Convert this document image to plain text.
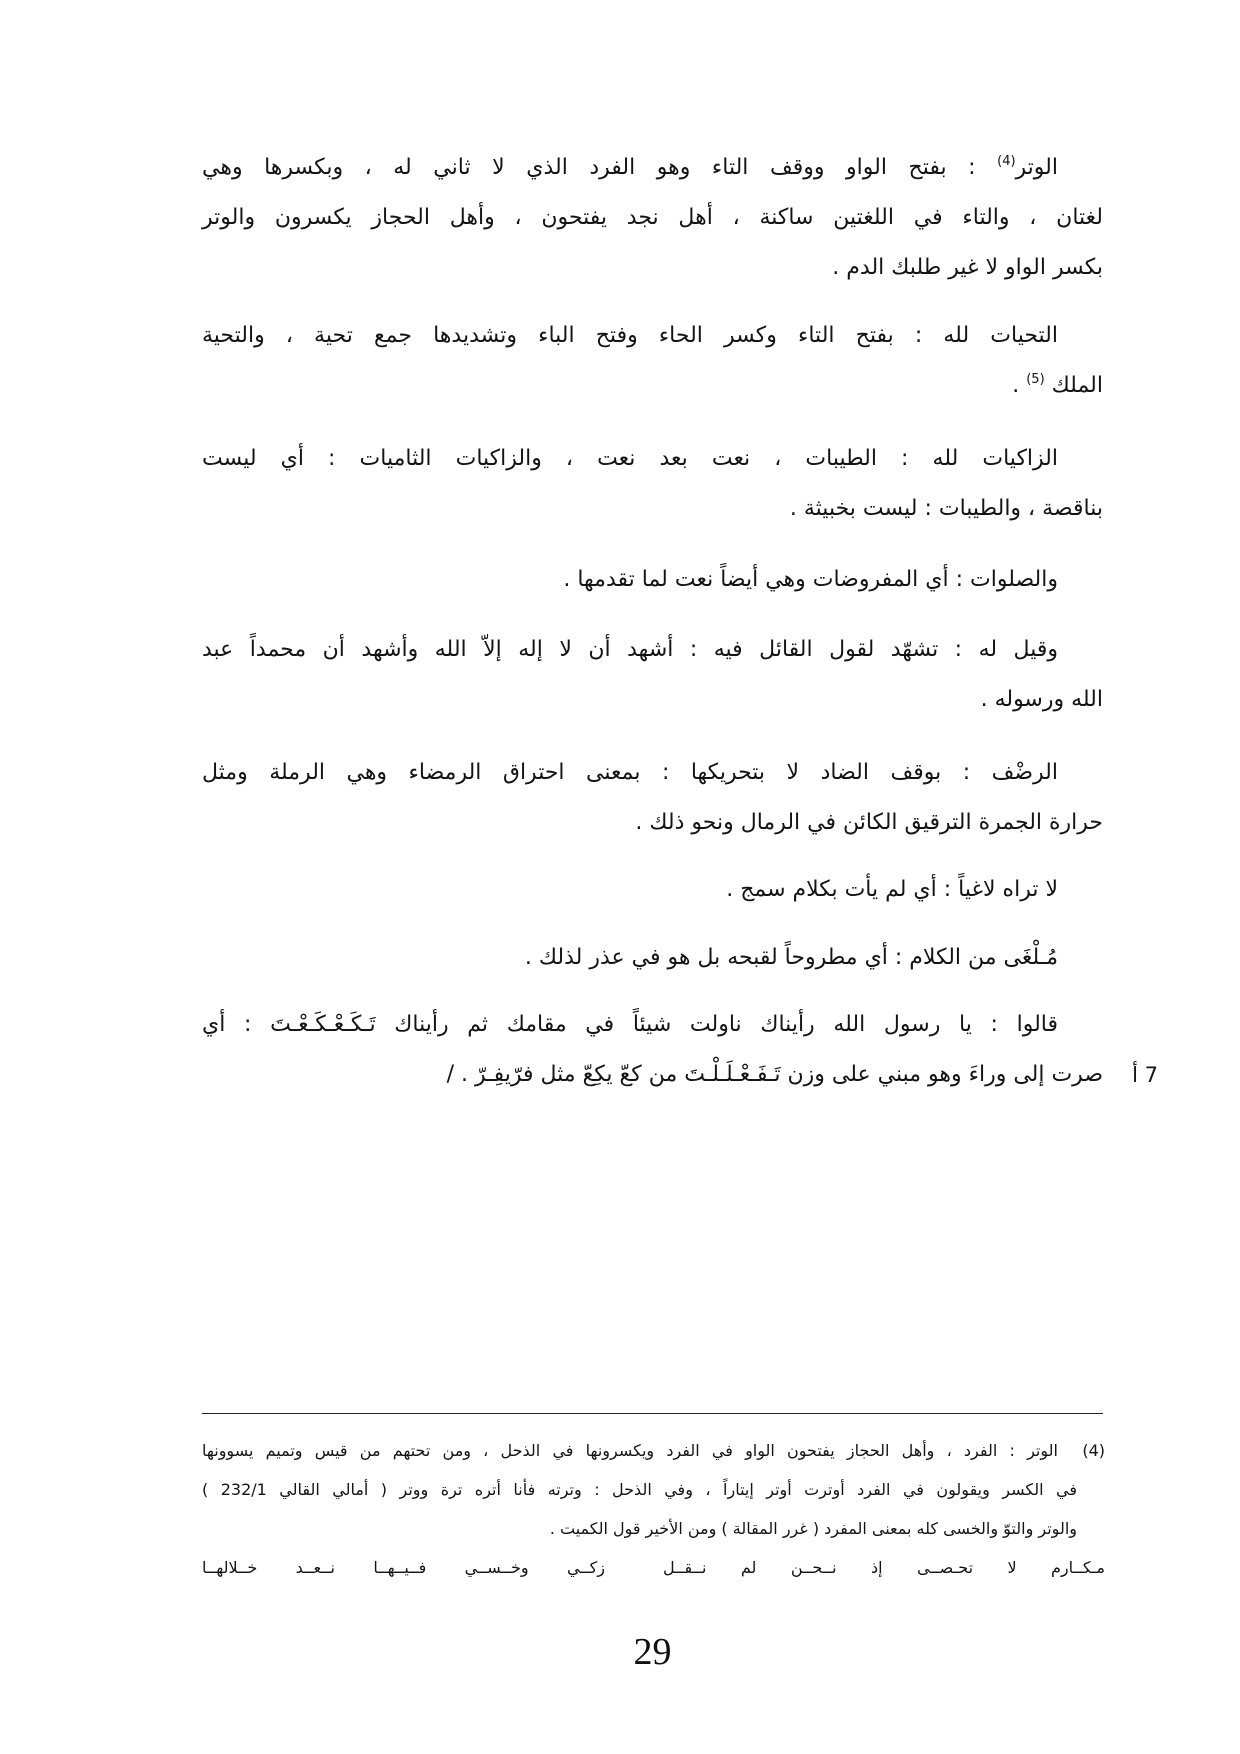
الوتر$^{(4)}$ : بفتح الواو ووقف التاء وهو الفرد الذي لا ثاني له ، وبكسرها وهي
لغتان ، والتاء في اللغتين ساكنة ، أهل نجد يفتحون ، وأهل الحجاز يكسرون والوتر
بكسر الواو لا غير طلبك الدم .
التحيات لله : بفتح التاء وكسر الحاء وفتح الباء وتشديدها جمع تحية ، والتحية
الملك $^{(5)}$ .
الزاكيات لله : الطيبات ، نعت بعد نعت ، والزاكيات الثاميات : أي ليست
بناقصة ، والطيبات : ليست بخبيثة .
والصلوات : أي المفروضات وهي أيضاً نعت لما تقدمها .
وقيل له : تشهّد لقول القائل فيه : أشهد أن لا إله إلاّ الله وأشهد أن محمداً عبد
الله ورسوله .
الرضْف : بوقف الضاد لا بتحريكها : بمعنى احتراق الرمضاء وهي الرملة ومثل
حرارة الجمرة الترقيق الكائن في الرمال ونحو ذلك .
لا تراه لاغياً : أي لم يأت بكلام سمج .
مُـلْغَى من الكلام : أي مطروحاً لقبحه بل هو في عذر لذلك .
قالوا : يا رسول الله رأيناك ناولت شيئاً في مقامك ثم رأيناك تَـكَـعْـكَـعْـتَ : أي
صرت إلى وراءَ وهو مبني على وزن تَـفَـعْـلَـلْـتَ من كعّ يكِعّ مثل فرّيفِـرّ . / 7 أ
(4)  الوتر : الفرد ، وأهل الحجاز يفتحون الواو في الفرد ويكسرونها في الذحل ، ومن تحتهم من قيس وتميم يسوونها
في الكسر ويقولون في الفرد أوترت أوتر إيتاراً ، وفي الذحل : وترته فأنا أتره ترة ووتر ( أمالي القالي 232/1 )
والوتر والتوّ والخسى كله بمعنى المفرد ( غرر المقالة ) ومن الأخير قول الكميت .
مـكــارم لا تحـصــى إذ نــحــن لم نــقــل
زكــي وخــســي فــيــهــا نــعــد خــلالهــا
29
